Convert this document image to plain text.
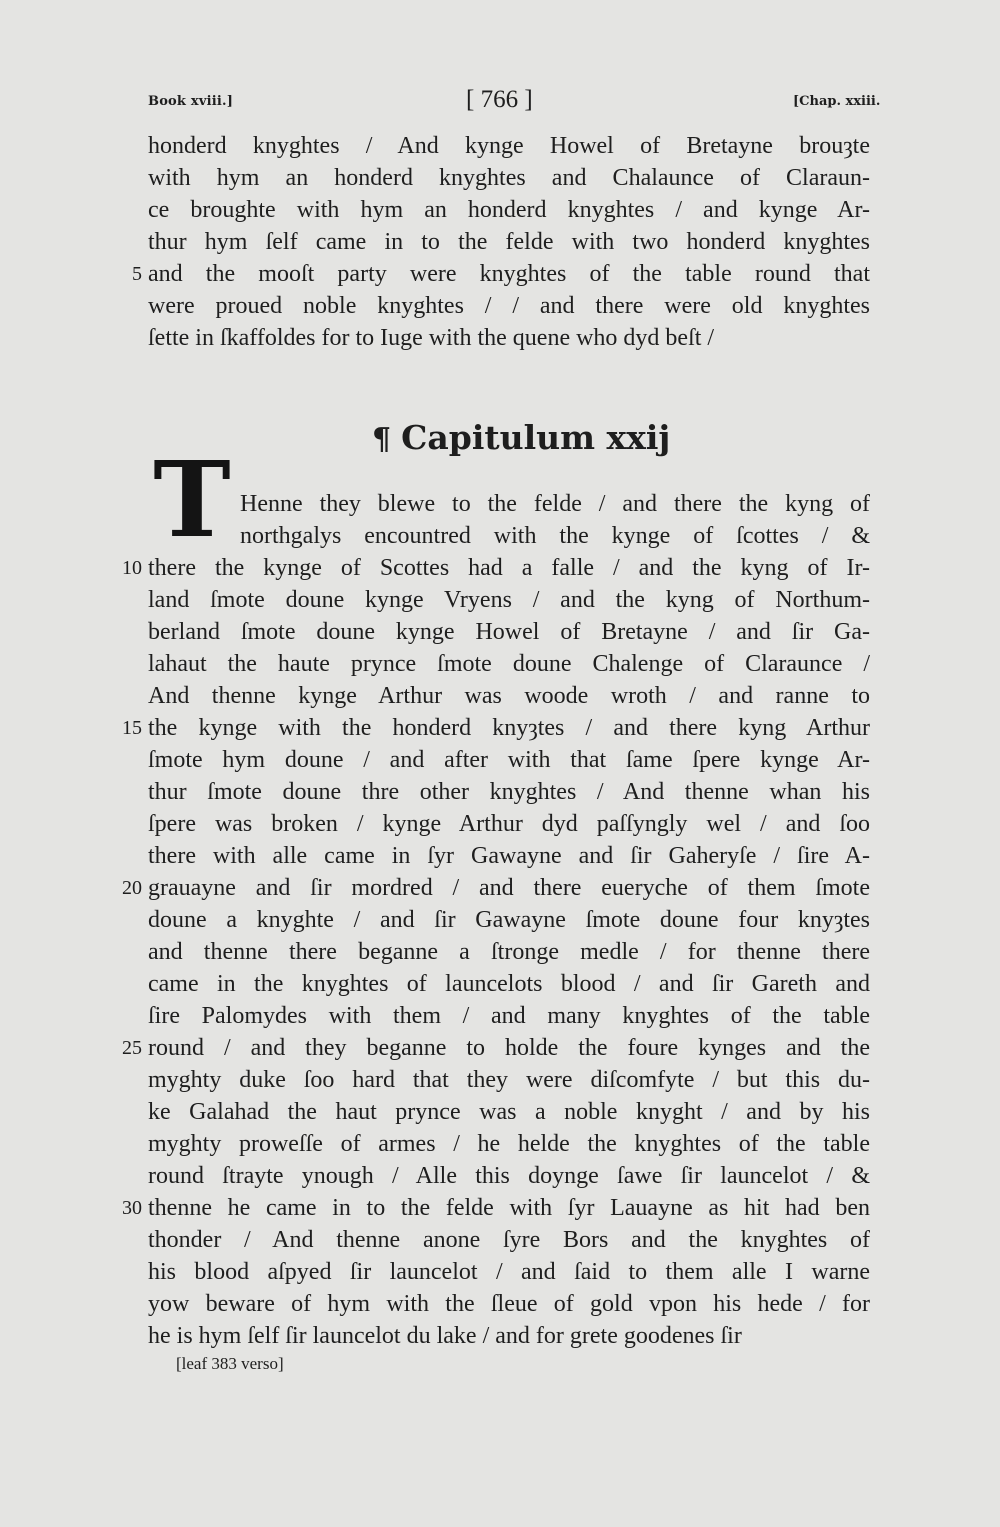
Book xviii.]	[ 766 ]	[Chap. xxiii.
honderd knyghtes / And kynge Howel of Bretayne brouȝte
with hym an honderd knyghtes and Chalaunce of Claraun-
ce broughte with hym an honderd knyghtes / and kynge Ar-
thur hym ſelf came in to the felde with two honderd knyghtes
and the mooſt party were knyghtes of the table round that
were proued noble knyghtes / / and there were old knyghtes
ſette in ſkaffoldes for to Iuge with the quene who dyd beſt /
¶ Capitulum xxij
T Henne they blewe to the felde / and there the kyng of
northgalys encountred with the kynge of ſcottes / &
there the kynge of Scottes had a falle / and the kyng of Ir-
land ſmote doune kynge Vryens / and the kyng of Northum-
berland ſmote doune kynge Howel of Bretayne / and ſir Ga-
lahaut the haute prynce ſmote doune Chalenge of Claraunce /
And thenne kynge Arthur was woode wroth / and ranne to
the kynge with the honderd knyȝtes / and there kyng Arthur
ſmote hym doune / and after with that ſame ſpere kynge Ar-
thur ſmote doune thre other knyghtes / And thenne whan his
ſpere was broken / kynge Arthur dyd paſſyngly wel / and ſoo
there with alle came in ſyr Gawayne and ſir Gaheryſe / ſire A-
grauayne and ſir mordred / and there eueryche of them ſmote
doune a knyghte / and ſir Gawayne ſmote doune four knyȝtes
and thenne there beganne a ſtronge medle / for thenne there
came in the knyghtes of launcelots blood / and ſir Gareth and
ſire Palomydes with them / and many knyghtes of the table
round / and they beganne to holde the foure kynges and the
myghty duke ſoo hard that they were diſcomfyte / but this du-
ke Galahad the haut prynce was a noble knyght / and by his
myghty proweſſe of armes / he helde the knyghtes of the table
round ſtrayte ynough / Alle this doynge ſawe ſir launcelot / &
thenne he came in to the felde with ſyr Lauayne as hit had ben
thonder / And thenne anone ſyre Bors and the knyghtes of
his blood aſpyed ſir launcelot / and ſaid to them alle I warne
yow beware of hym with the ſleue of gold vpon his hede / for
he is hym ſelf ſir launcelot du lake / and for grete goodenes ſir
5
10
15
20
25
30
[leaf 383 verso]
